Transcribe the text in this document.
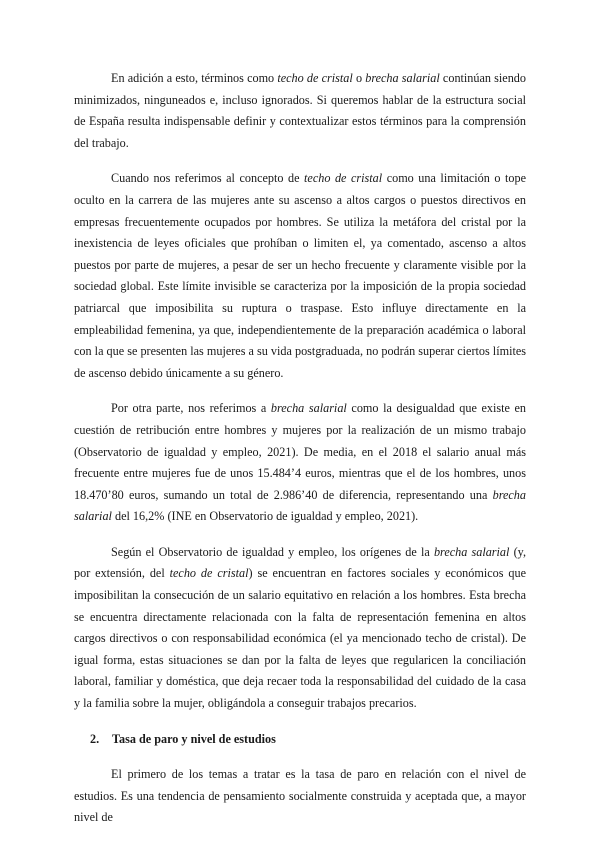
En adición a esto, términos como techo de cristal o brecha salarial continúan siendo minimizados, ninguneados e, incluso ignorados. Si queremos hablar de la estructura social de España resulta indispensable definir y contextualizar estos términos para la comprensión del trabajo.

Cuando nos referimos al concepto de techo de cristal como una limitación o tope oculto en la carrera de las mujeres ante su ascenso a altos cargos o puestos directivos en empresas frecuentemente ocupados por hombres. Se utiliza la metáfora del cristal por la inexistencia de leyes oficiales que prohíban o limiten el, ya comentado, ascenso a altos puestos por parte de mujeres, a pesar de ser un hecho frecuente y claramente visible por la sociedad global. Este límite invisible se caracteriza por la imposición de la propia sociedad patriarcal que imposibilita su ruptura o traspase. Esto influye directamente en la empleabilidad femenina, ya que, independientemente de la preparación académica o laboral con la que se presenten las mujeres a su vida postgraduada, no podrán superar ciertos límites de ascenso debido únicamente a su género.

Por otra parte, nos referimos a brecha salarial como la desigualdad que existe en cuestión de retribución entre hombres y mujeres por la realización de un mismo trabajo (Observatorio de igualdad y empleo, 2021). De media, en el 2018 el salario anual más frecuente entre mujeres fue de unos 15.484’4 euros, mientras que el de los hombres, unos 18.470’80 euros, sumando un total de 2.986’40 de diferencia, representando una brecha salarial del 16,2% (INE en Observatorio de igualdad y empleo, 2021).

Según el Observatorio de igualdad y empleo, los orígenes de la brecha salarial (y, por extensión, del techo de cristal) se encuentran en factores sociales y económicos que imposibilitan la consecución de un salario equitativo en relación a los hombres. Esta brecha se encuentra directamente relacionada con la falta de representación femenina en altos cargos directivos o con responsabilidad económica (el ya mencionado techo de cristal). De igual forma, estas situaciones se dan por la falta de leyes que regularicen la conciliación laboral, familiar y doméstica, que deja recaer toda la responsabilidad del cuidado de la casa y la familia sobre la mujer, obligándola a conseguir trabajos precarios.

2. Tasa de paro y nivel de estudios

El primero de los temas a tratar es la tasa de paro en relación con el nivel de estudios. Es una tendencia de pensamiento socialmente construida y aceptada que, a mayor nivel de
